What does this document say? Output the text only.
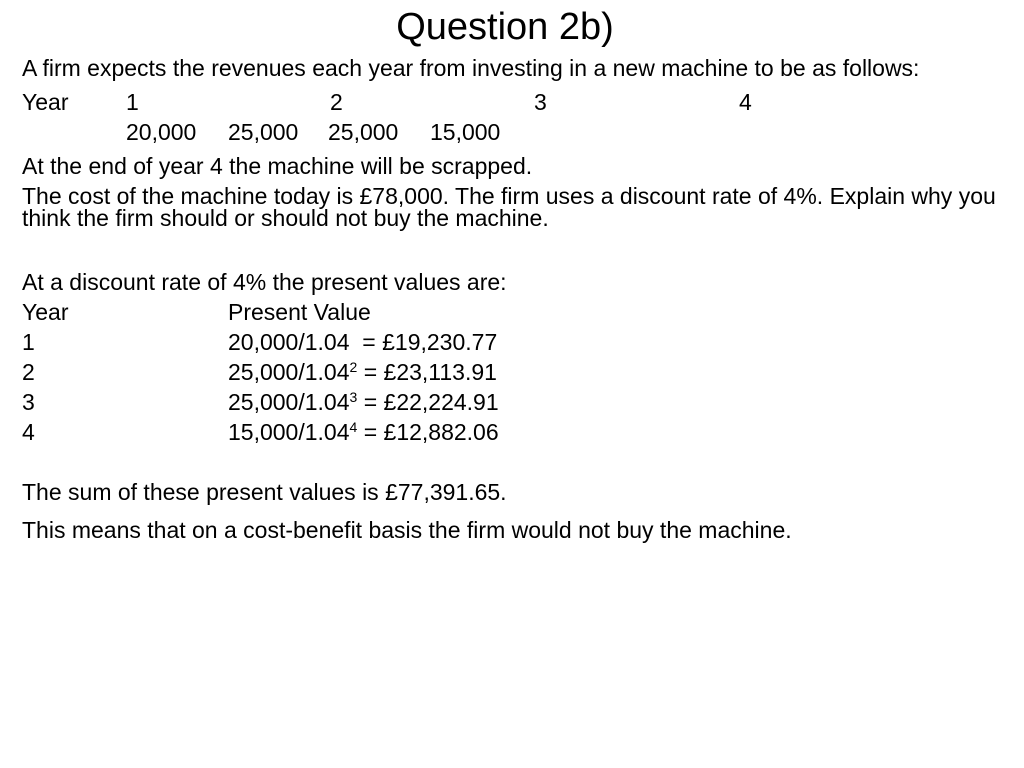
Question 2b)
A firm expects the revenues each year from investing in a new machine to be as follows:
Year	1	2	3	4
20,000 25,000 25,000 15,000
At the end of year 4 the machine will be scrapped.
The cost of the machine today is £78,000. The firm uses a discount rate of 4%. Explain why you think the firm should or should not buy the machine.
At a discount rate of 4% the present values are:
Year	Present Value
1	20,000/1.04  = £19,230.77
2	$25,000/1.04^2$ = £23,113.91
3	$25,000/1.04^3$ = £22,224.91
4	$15,000/1.04^4$ = £12,882.06
The sum of these present values is £77,391.65.
This means that on a cost-benefit basis the firm would not buy the machine.
